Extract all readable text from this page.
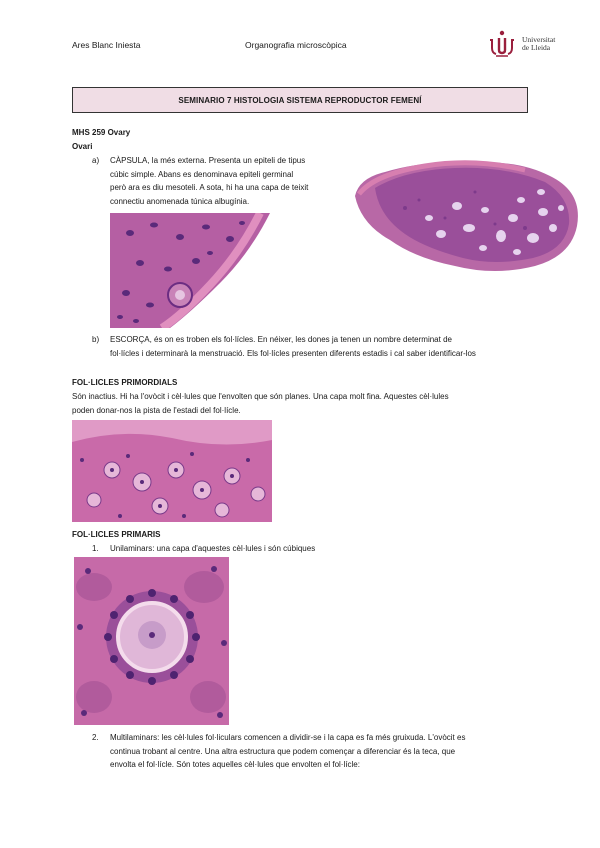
Ares Blanc Iniesta	Organografia microscòpica
Universitat
de Lleida
SEMINARIO 7 HISTOLOGIA SISTEMA REPRODUCTOR FEMENÍ
MHS 259 Ovary
Ovari
a) CÀPSULA, la més externa. Presenta un epiteli de tipus
cúbic simple. Abans es denominava epiteli germinal
però ara es diu mesoteli. A sota, hi ha una capa de teixit
connectiu anomenada túnica albugínia.
b) ESCORÇA, és on es troben els fol·lícles. En néixer, les dones ja tenen un nombre determinat de
fol·lícles i determinarà la menstruació. Els fol·lícles presenten diferents estadis i cal saber identificar-los
FOL·LICLES PRIMORDIALS
Són inactius. Hi ha l'ovòcit i cèl·lules que l'envolten que són planes. Una capa molt fina. Aquestes cèl·lules
poden donar-nos la pista de l'estadi del fol·lícle.
FOL·LICLES PRIMARIS
1. Unilaminars: una capa d'aquestes cèl·lules i són cúbiques
2. Multilaminars: les cèl·lules fol·liculars comencen a dividir-se i la capa es fa més gruixuda. L'ovòcit es
continua trobant al centre. Una altra estructura que podem començar a diferenciar és la teca, que
envolta el fol·lícle. Són totes aquelles cèl·lules que envolten el fol·lícle:
